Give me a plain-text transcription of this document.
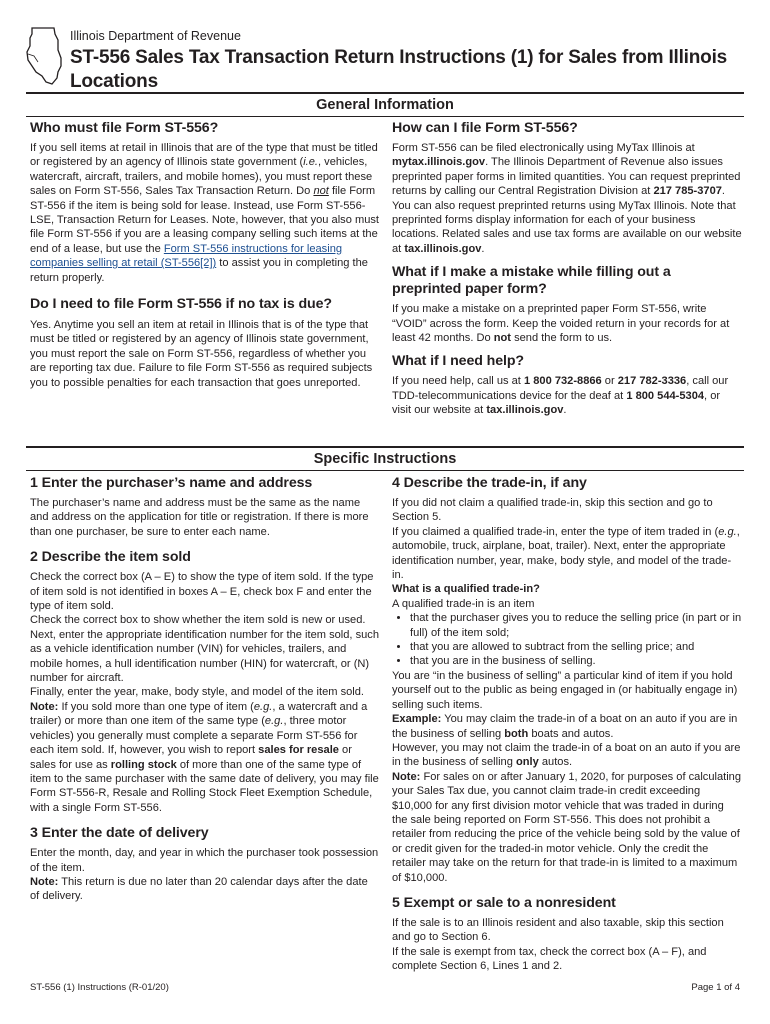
Illinois Department of Revenue
ST-556 Sales Tax Transaction Return Instructions (1) for Sales from Illinois Locations
General Information
Who must file Form ST-556?

If you sell items at retail in Illinois that are of the type that must be titled or registered by an agency of Illinois state government (i.e., vehicles, watercraft, aircraft, trailers, and mobile homes), you must report these sales on Form ST-556, Sales Tax Transaction Return. Do not file Form ST-556 if the item is being sold for lease. Instead, use Form ST-556-LSE, Transaction Return for Leases. Note, however, that you also must file Form ST-556 if you are a leasing company selling such items at the end of a lease, but use the Form ST-556 instructions for leasing companies selling at retail (ST-556[2]) to assist you in completing the return properly.

Do I need to file Form ST-556 if no tax is due?

Yes. Anytime you sell an item at retail in Illinois that is of the type that must be titled or registered by an agency of Illinois state government, you must report the sale on Form ST-556, regardless of whether you are reporting tax due. Failure to file Form ST-556 as required subjects you to possible penalties for each transaction that goes unreported.

How can I file Form ST-556?

Form ST-556 can be filed electronically using MyTax Illinois at mytax.illinois.gov. The Illinois Department of Revenue also issues preprinted paper forms in limited quantities. You can request preprinted returns by calling our Central Registration Division at 217 785-3707. You can also request preprinted returns using MyTax Illinois. Note that preprinted forms display information for each of your business locations. Related sales and use tax forms are available on our website at tax.illinois.gov.

What if I make a mistake while filling out a preprinted paper form?

If you make a mistake on a preprinted paper Form ST-556, write “VOID” across the form. Keep the voided return in your records for at least 42 months. Do not send the form to us.

What if I need help?

If you need help, call us at 1 800 732-8866 or 217 782-3336, call our TDD-telecommunications device for the deaf at 1 800 544-5304, or visit our website at tax.illinois.gov.

Specific Instructions
1 Enter the purchaser’s name and address

The purchaser’s name and address must be the same as the name and address on the application for title or registration. If there is more than one purchaser, be sure to enter each name.

2 Describe the item sold

Check the correct box (A – E) to show the type of item sold. If the type of item sold is not identified in boxes A – E, check box F and enter the type of item sold.

Check the correct box to show whether the item sold is new or used.

Next, enter the appropriate identification number for the item sold, such as a vehicle identification number (VIN) for vehicles, trailers, and mobile homes, a hull identification number (HIN) for watercraft, or (N) number for aircraft.

Finally, enter the year, make, body style, and model of the item sold.

Note: If you sold more than one type of item (e.g., a watercraft and a trailer) or more than one item of the same type (e.g., three motor vehicles) you generally must complete a separate Form ST-556 for each item sold. If, however, you wish to report sales for resale or sales for use as rolling stock of more than one of the same type of item to the same purchaser with the same date of delivery, you may file Form ST-556-R, Resale and Rolling Stock Fleet Exemption Schedule, with a single Form ST-556.

3 Enter the date of delivery

Enter the month, day, and year in which the purchaser took possession of the item.

Note: This return is due no later than 20 calendar days after the date of delivery.

4 Describe the trade-in, if any

If you did not claim a qualified trade-in, skip this section and go to Section 5.

If you claimed a qualified trade-in, enter the type of item traded in (e.g., automobile, truck, airplane, boat, trailer). Next, enter the appropriate identification number, year, make, body style, and model of the trade-in.

What is a qualified trade-in?

A qualified trade-in is an item

• that the purchaser gives you to reduce the selling price (in part or in full) of the item sold;
• that you are allowed to subtract from the selling price; and
• that you are in the business of selling.

You are “in the business of selling” a particular kind of item if you hold yourself out to the public as being engaged in (or habitually engage in) selling such items.

Example: You may claim the trade-in of a boat on an auto if you are in the business of selling both boats and autos.

However, you may not claim the trade-in of a boat on an auto if you are in the business of selling only autos.

Note: For sales on or after January 1, 2020, for purposes of calculating your Sales Tax due, you cannot claim trade-in credit exceeding $10,000 for any first division motor vehicle that was traded in during the sale being reported on Form ST-556. This does not prohibit a retailer from reducing the price of the vehicle being sold by the value of or credit given for the traded-in motor vehicle. Only the credit the retailer may take on the return for that trade-in is limited to a maximum of $10,000.

5 Exempt or sale to a nonresident

If the sale is to an Illinois resident and also taxable, skip this section and go to Section 6.

If the sale is exempt from tax, check the correct box (A – F), and complete Section 6, Lines 1 and 2.

ST-556 (1) Instructions (R-01/20)	Page 1 of 4
